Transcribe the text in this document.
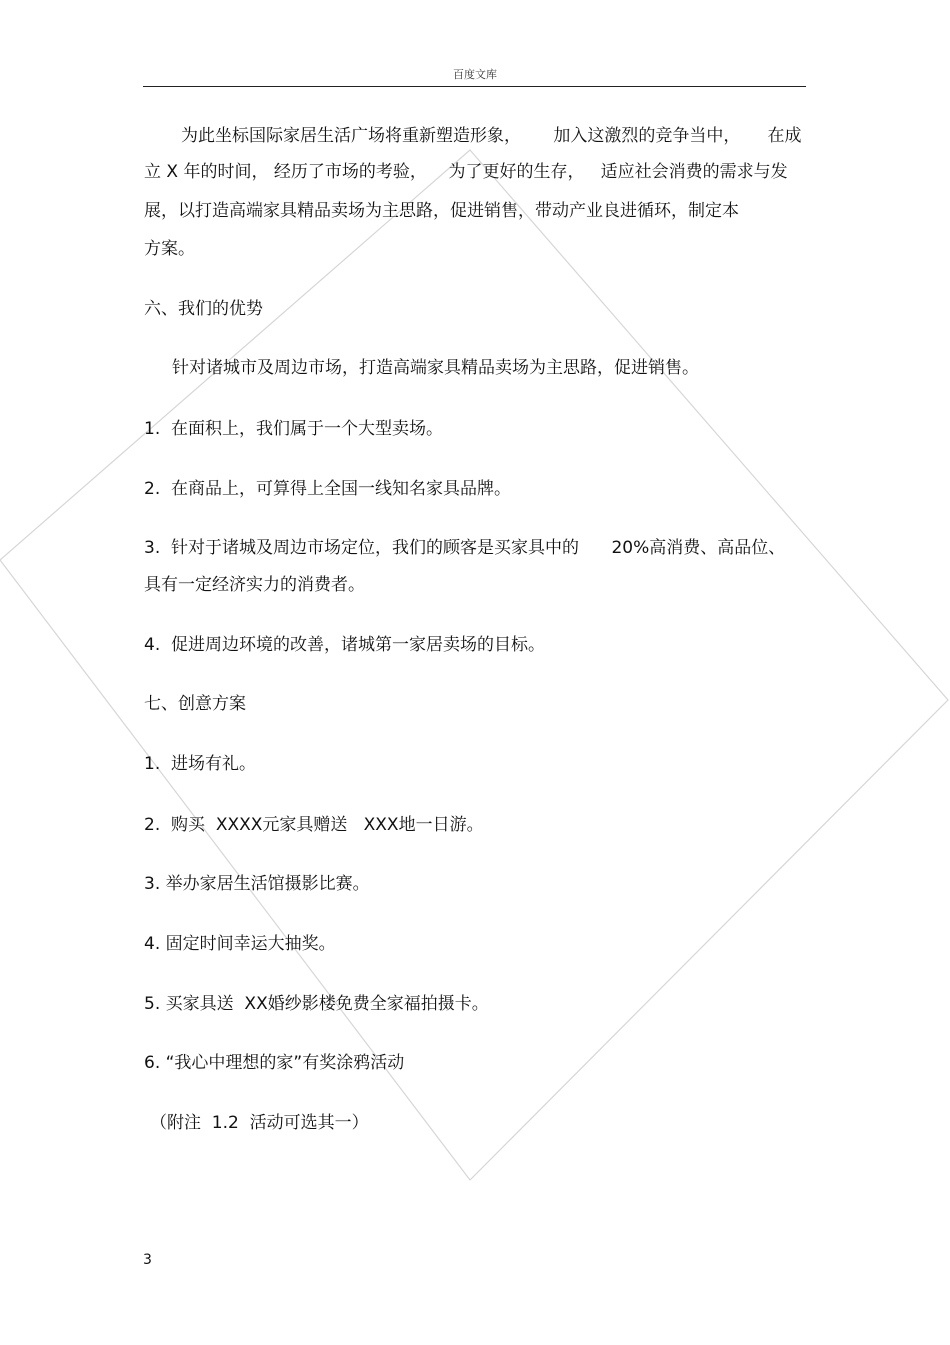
百度文库
为此坐标国际家居生活广场将重新塑造形象，      加入这激烈的竞争当中，     在成
立 X 年的时间， 经历了市场的考验，    为了更好的生存，   适应社会消费的需求与发
展，以打造高端家具精品卖场为主思路，促进销售，带动产业良进循环，制定本
方案。
六、我们的优势
针对诸城市及周边市场，打造高端家具精品卖场为主思路，促进销售。
1.  在面积上，我们属于一个大型卖场。
2.  在商品上，可算得上全国一线知名家具品牌。
3.  针对于诸城及周边市场定位，我们的顾客是买家具中的      20%高消费、高品位、
具有一定经济实力的消费者。
4.  促进周边环境的改善，诸城第一家居卖场的目标。
七、创意方案
1.  进场有礼。
2.  购买  XXXX元家具赠送   XXX地一日游。
3. 举办家居生活馆摄影比赛。
4. 固定时间幸运大抽奖。
5. 买家具送  XX婚纱影楼免费全家福拍摄卡。
6. “我心中理想的家”有奖涂鸦活动
（附注  1.2  活动可选其一）
3
